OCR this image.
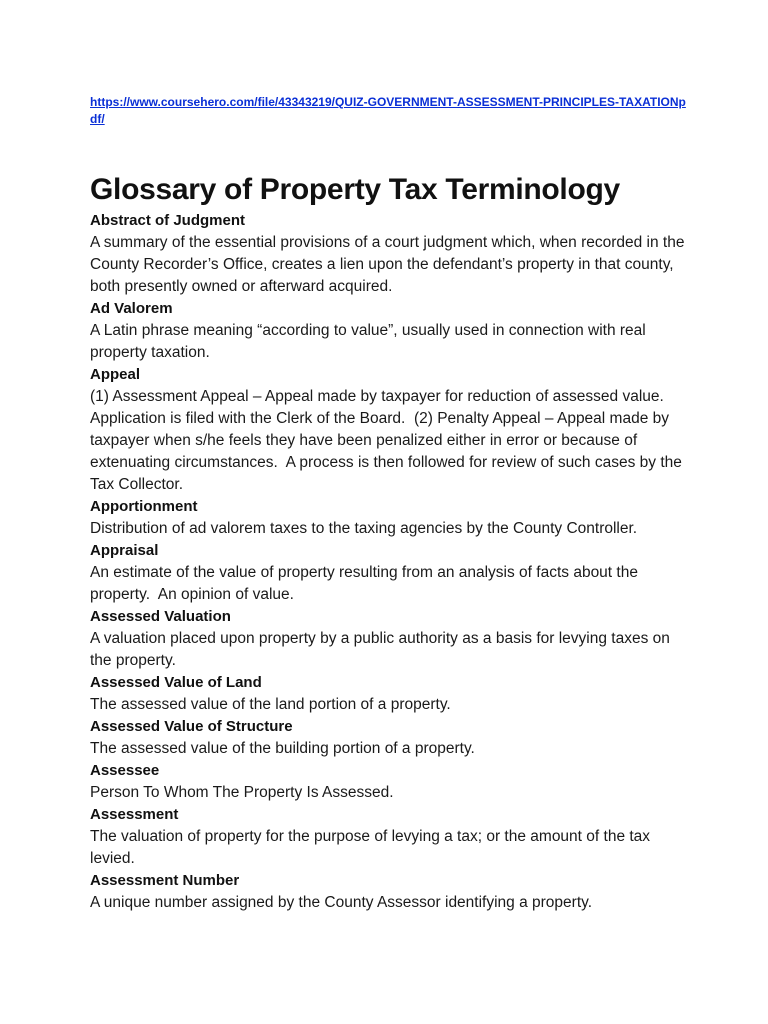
https://www.coursehero.com/file/43343219/QUIZ-GOVERNMENT-ASSESSMENT-PRINCIPLES-TAXATIONpdf/
Glossary of Property Tax Terminology
Abstract of Judgment
A summary of the essential provisions of a court judgment which, when recorded in the County Recorder’s Office, creates a lien upon the defendant’s property in that county, both presently owned or afterward acquired.
Ad Valorem
A Latin phrase meaning “according to value”, usually used in connection with real property taxation.
Appeal
(1) Assessment Appeal – Appeal made by taxpayer for reduction of assessed value. Application is filed with the Clerk of the Board.  (2) Penalty Appeal – Appeal made by taxpayer when s/he feels they have been penalized either in error or because of extenuating circumstances.  A process is then followed for review of such cases by the Tax Collector.
Apportionment
Distribution of ad valorem taxes to the taxing agencies by the County Controller.
Appraisal
An estimate of the value of property resulting from an analysis of facts about the property.  An opinion of value.
Assessed Valuation
A valuation placed upon property by a public authority as a basis for levying taxes on the property.
Assessed Value of Land
The assessed value of the land portion of a property.
Assessed Value of Structure
The assessed value of the building portion of a property.
Assessee
Person To Whom The Property Is Assessed.
Assessment
The valuation of property for the purpose of levying a tax; or the amount of the tax levied.
Assessment Number
A unique number assigned by the County Assessor identifying a property.
